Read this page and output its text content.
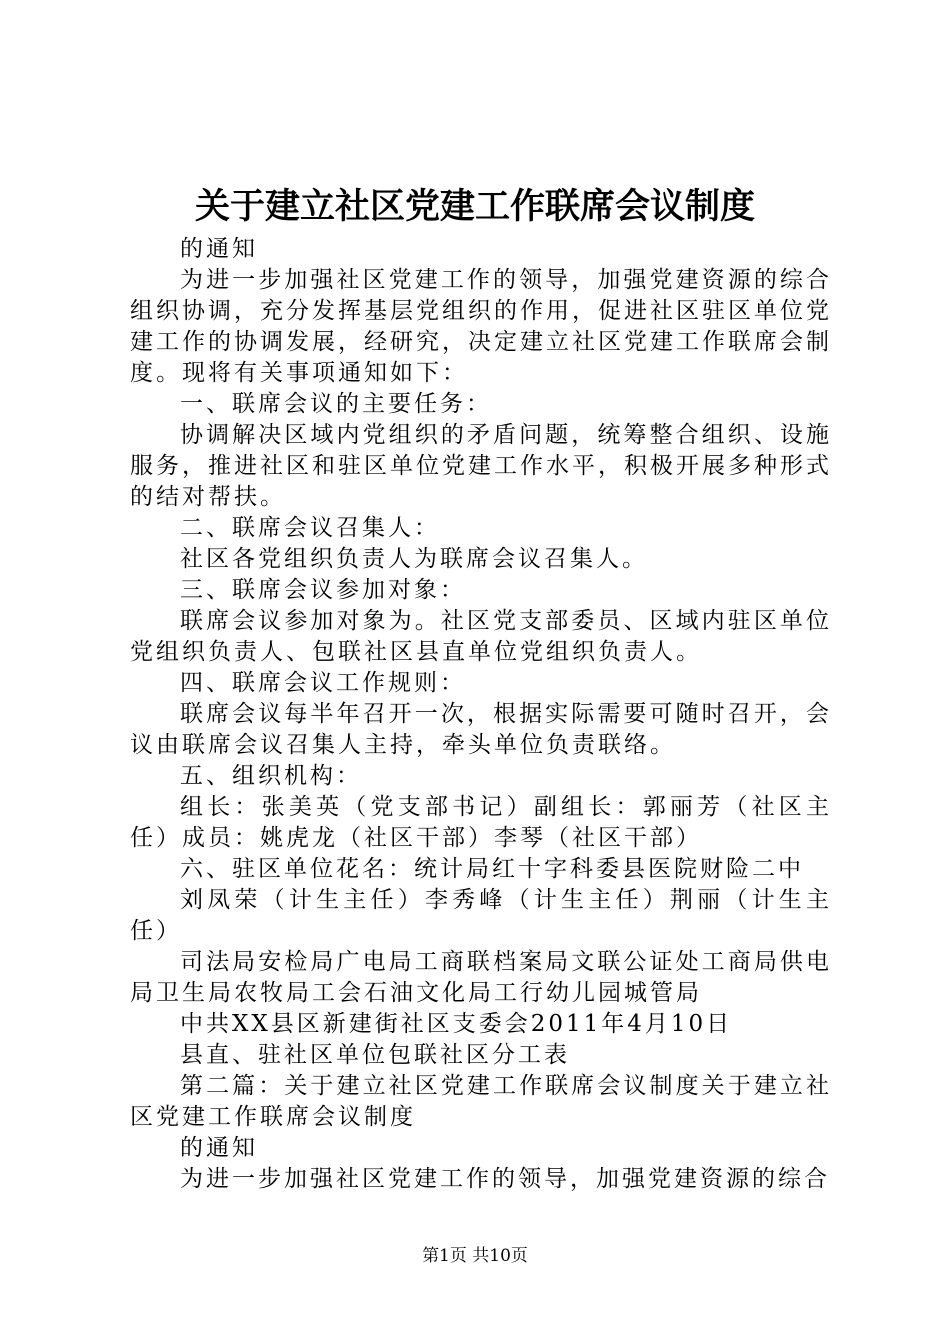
关于建立社区党建工作联席会议制度

的通知

为进一步加强社区党建工作的领导，加强党建资源的综合组织协调，充分发挥基层党组织的作用，促进社区驻区单位党建工作的协调发展，经研究，决定建立社区党建工作联席会制度。现将有关事项通知如下：

一、联席会议的主要任务：

协调解决区域内党组织的矛盾问题，统筹整合组织、设施服务，推进社区和驻区单位党建工作水平，积极开展多种形式的结对帮扶。

二、联席会议召集人：

社区各党组织负责人为联席会议召集人。

三、联席会议参加对象：

联席会议参加对象为。社区党支部委员、区域内驻区单位党组织负责人、包联社区县直单位党组织负责人。

四、联席会议工作规则：

联席会议每半年召开一次，根据实际需要可随时召开，会议由联席会议召集人主持，牵头单位负责联络。

五、组织机构：

组长：张美英（党支部书记）副组长：郭丽芳（社区主任）成员：姚虎龙（社区干部）李琴（社区干部）

六、驻区单位花名：统计局红十字科委县医院财险二中

刘凤荣（计生主任）李秀峰（计生主任）荆丽（计生主任）

司法局安检局广电局工商联档案局文联公证处工商局供电局卫生局农牧局工会石油文化局工行幼儿园城管局

中共XX县区新建街社区支委会2011年4月10日

县直、驻社区单位包联社区分工表

第二篇：关于建立社区党建工作联席会议制度关于建立社区党建工作联席会议制度

的通知

为进一步加强社区党建工作的领导，加强党建资源的综合

第1页 共10页
